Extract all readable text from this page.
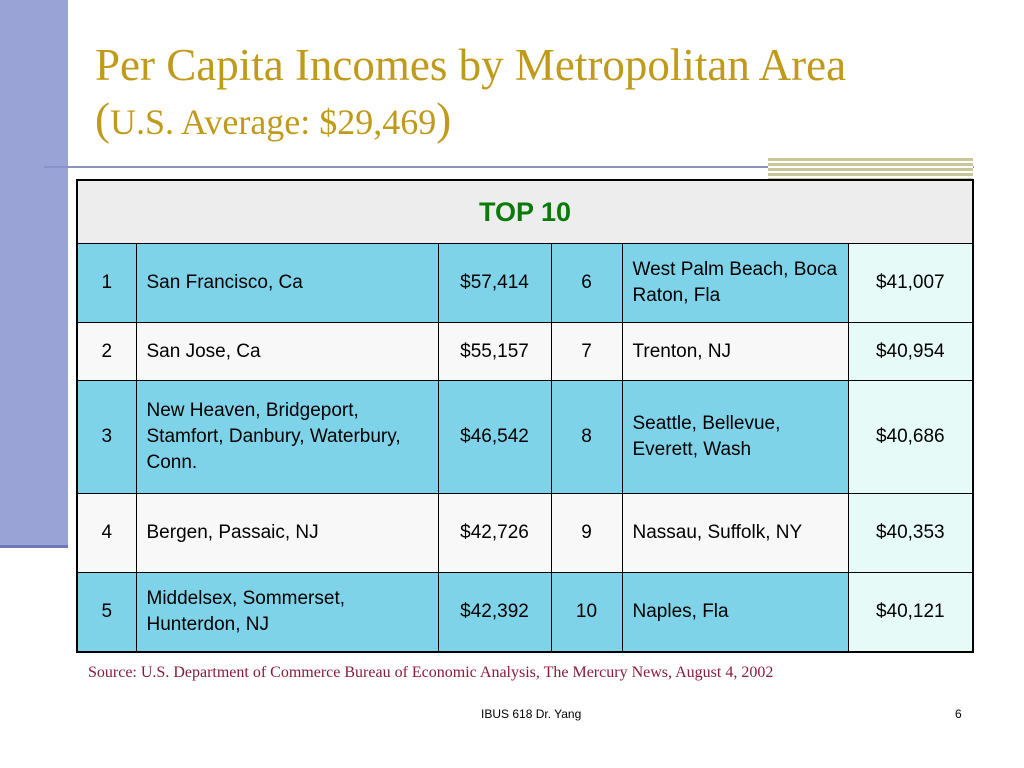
Per Capita Incomes by Metropolitan Area
(U.S. Average: $29,469)
TOP 10					
1	San Francisco, Ca	$57,414	6	West Palm Beach, Boca Raton, Fla	$41,007
2	San Jose, Ca	$55,157	7	Trenton, NJ	$40,954
3	New Heaven, Bridgeport, Stamfort, Danbury, Waterbury, Conn.	$46,542	8	Seattle, Bellevue, Everett, Wash	$40,686
4	Bergen, Passaic, NJ	$42,726	9	Nassau, Suffolk, NY	$40,353
5	Middelsex, Sommerset, Hunterdon, NJ	$42,392	10	Naples, Fla	$40,121
Source: U.S. Department of Commerce Bureau of Economic Analysis, The Mercury News, August 4, 2002
IBUS 618 Dr. Yang	6
